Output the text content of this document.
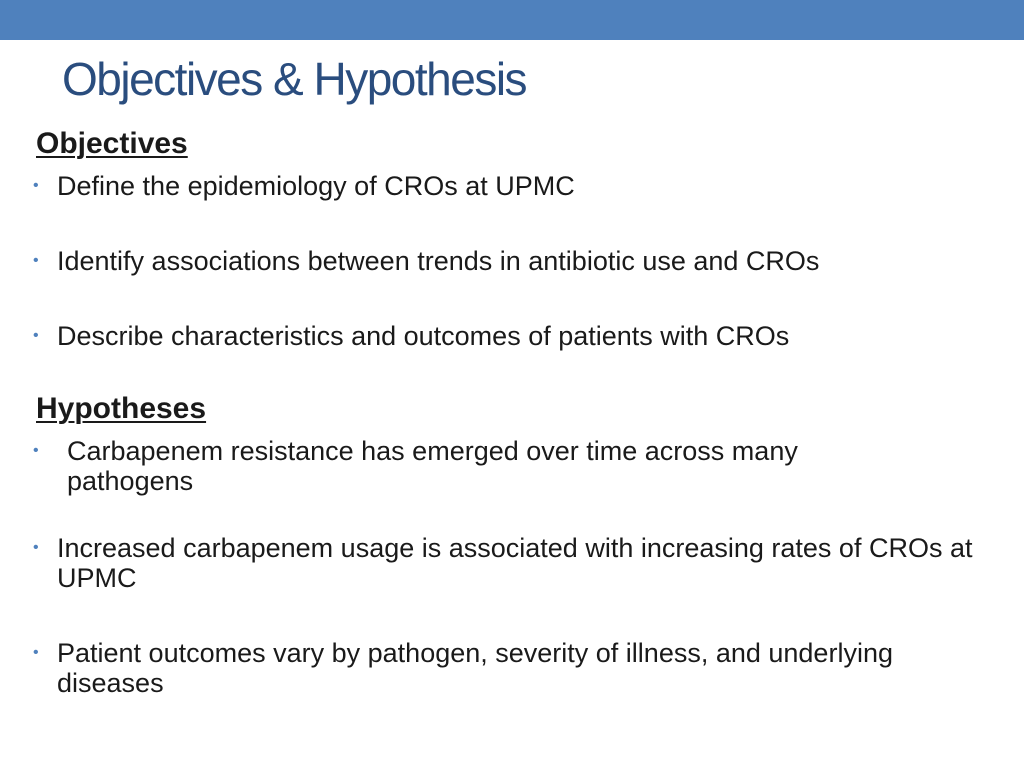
Objectives & Hypothesis
Objectives
• Define the epidemiology of CROs at UPMC
• Identify associations between trends in antibiotic use and CROs
• Describe characteristics and outcomes of patients with CROs
Hypotheses
• Carbapenem resistance has emerged over time across many pathogens
• Increased carbapenem usage is associated with increasing rates of CROs at UPMC
• Patient outcomes vary by pathogen, severity of illness, and underlying diseases
